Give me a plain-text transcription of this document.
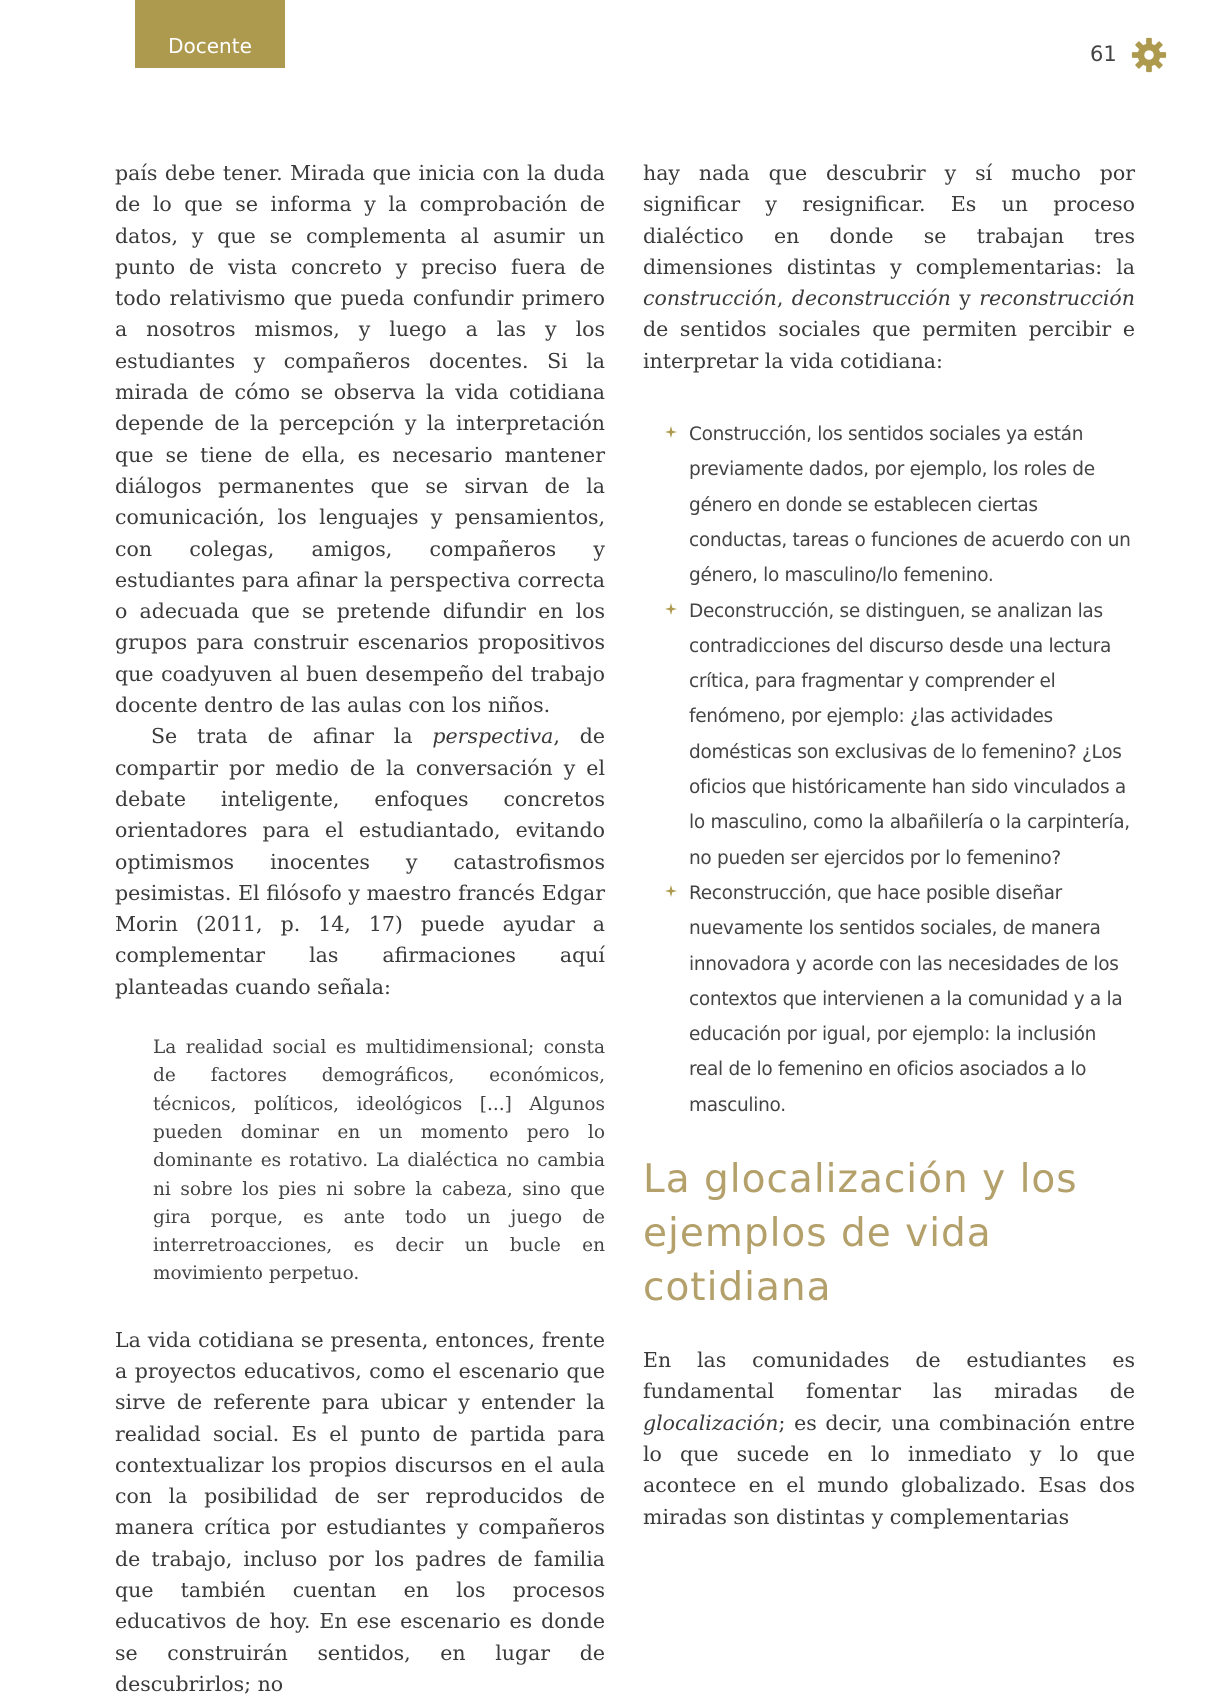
Docente	61

país debe tener. Mirada que inicia con la duda de lo que se informa y la comprobación de datos, y que se complementa al asumir un punto de vista concreto y preciso fuera de todo relativismo que pueda confundir primero a nosotros mismos, y luego a las y los estudiantes y compañeros docentes. Si la mirada de cómo se observa la vida cotidiana depende de la percepción y la interpretación que se tiene de ella, es necesario mantener diálogos permanentes que se sirvan de la comunicación, los lenguajes y pensamientos, con colegas, amigos, compañeros y estudiantes para afinar la perspectiva correcta o adecuada que se pretende difundir en los grupos para construir escenarios propositivos que coadyuven al buen desempeño del trabajo docente dentro de las aulas con los niños.

Se trata de afinar la perspectiva, de compartir por medio de la conversación y el debate inteligente, enfoques concretos orientadores para el estudiantado, evitando optimismos inocentes y catastrofismos pesimistas. El filósofo y maestro francés Edgar Morin (2011, p. 14, 17) puede ayudar a complementar las afirmaciones aquí planteadas cuando señala:

La realidad social es multidimensional; consta de factores demográficos, económicos, técnicos, políticos, ideológicos [...] Algunos pueden dominar en un momento pero lo dominante es rotativo. La dialéctica no cambia ni sobre los pies ni sobre la cabeza, sino que gira porque, es ante todo un juego de interretroacciones, es decir un bucle en movimiento perpetuo.

La vida cotidiana se presenta, entonces, frente a proyectos educativos, como el escenario que sirve de referente para ubicar y entender la realidad social. Es el punto de partida para contextualizar los propios discursos en el aula con la posibilidad de ser reproducidos de manera crítica por estudiantes y compañeros de trabajo, incluso por los padres de familia que también cuentan en los procesos educativos de hoy. En ese escenario es donde se construirán sentidos, en lugar de descubrirlos; no

hay nada que descubrir y sí mucho por significar y resignificar. Es un proceso dialéctico en donde se trabajan tres dimensiones distintas y complementarias: la construcción, deconstrucción y reconstrucción de sentidos sociales que permiten percibir e interpretar la vida cotidiana:

Construcción, los sentidos sociales ya están previamente dados, por ejemplo, los roles de género en donde se establecen ciertas conductas, tareas o funciones de acuerdo con un género, lo masculino/lo femenino.
Deconstrucción, se distinguen, se analizan las contradicciones del discurso desde una lectura crítica, para fragmentar y comprender el fenómeno, por ejemplo: ¿las actividades domésticas son exclusivas de lo femenino? ¿Los oficios que históricamente han sido vinculados a lo masculino, como la albañilería o la carpintería, no pueden ser ejercidos por lo femenino?
Reconstrucción, que hace posible diseñar nuevamente los sentidos sociales, de manera innovadora y acorde con las necesidades de los contextos que intervienen a la comunidad y a la educación por igual, por ejemplo: la inclusión real de lo femenino en oficios asociados a lo masculino.
La glocalización y los ejemplos de vida cotidiana

En las comunidades de estudiantes es fundamental fomentar las miradas de glocalización; es decir, una combinación entre lo que sucede en lo inmediato y lo que acontece en el mundo globalizado. Esas dos miradas son distintas y complementarias
